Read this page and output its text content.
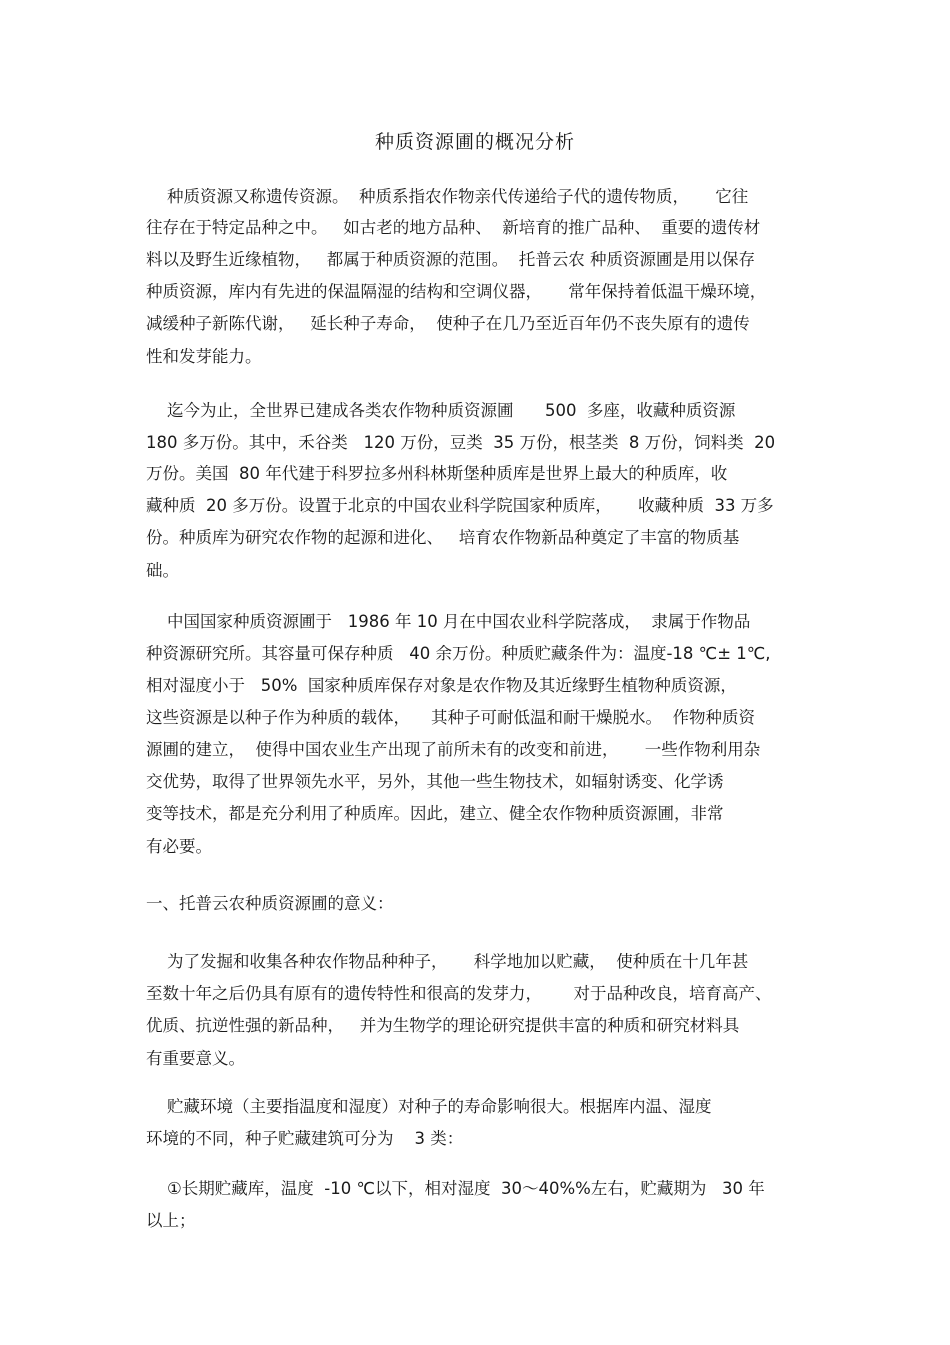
种质资源圃的概况分析
种质资源又称遗传资源。  种质系指农作物亲代传递给子代的遗传物质，     它往
往存在于特定品种之中。   如古老的地方品种、  新培育的推广品种、  重要的遗传材
料以及野生近缘植物，   都属于种质资源的范围。  托普云农 种质资源圃是用以保存
种质资源，库内有先进的保温隔湿的结构和空调仪器，     常年保持着低温干燥环境，
减缓种子新陈代谢，   延长种子寿命，  使种子在几乃至近百年仍不丧失原有的遗传
性和发芽能力。
迄今为止，全世界已建成各类农作物种质资源圃      500  多座，收藏种质资源
180 多万份。其中，禾谷类   120 万份，豆类  35 万份，根茎类  8 万份，饲料类  20
万份。美国  80 年代建于科罗拉多州科林斯堡种质库是世界上最大的种质库，收
藏种质  20 多万份。设置于北京的中国农业科学院国家种质库，     收藏种质  33 万多
份。种质库为研究农作物的起源和进化、   培育农作物新品种奠定了丰富的物质基
础。
中国国家种质资源圃于   1986 年 10 月在中国农业科学院落成，  隶属于作物品
种资源研究所。其容量可保存种质   40 余万份。种质贮藏条件为：温度-18 ℃± 1℃,
相对湿度小于   50%  国家种质库保存对象是农作物及其近缘野生植物种质资源，
这些资源是以种子作为种质的载体，    其种子可耐低温和耐干燥脱水。  作物种质资
源圃的建立，  使得中国农业生产出现了前所未有的改变和前进，     一些作物利用杂
交优势，取得了世界领先水平，另外，其他一些生物技术，如辐射诱变、化学诱
变等技术，都是充分利用了种质库。因此，建立、健全农作物种质资源圃，非常
有必要。
一、托普云农种质资源圃的意义：
为了发掘和收集各种农作物品种种子，     科学地加以贮藏，  使种质在十几年甚
至数十年之后仍具有原有的遗传特性和很高的发芽力，      对于品种改良，培育高产、
优质、抗逆性强的新品种，   并为生物学的理论研究提供丰富的种质和研究材料具
有重要意义。
贮藏环境（主要指温度和湿度）对种子的寿命影响很大。根据库内温、湿度
环境的不同，种子贮藏建筑可分为    3 类：
①长期贮藏库，温度  -10 ℃以下，相对湿度  30～40%%左右，贮藏期为   30 年
以上；
